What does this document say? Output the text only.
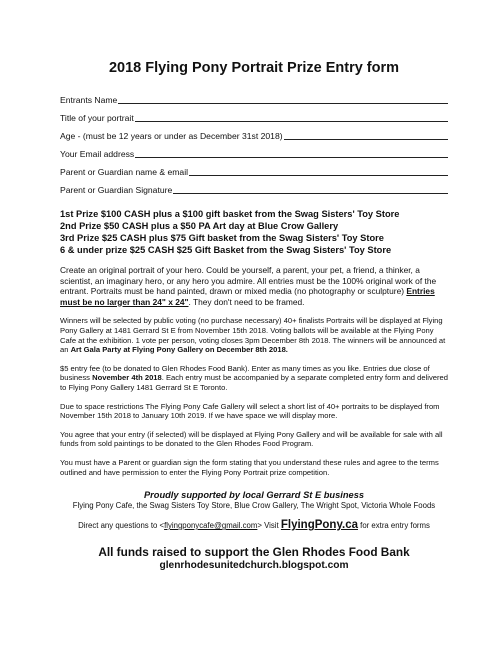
2018 Flying Pony Portrait Prize Entry form
Entrants Name
Title of your portrait
Age - (must be 12 years or under as December 31st 2018)
Your Email address
Parent or Guardian name & email
Parent or Guardian Signature
1st Prize $100 CASH plus a $100 gift basket from the Swag Sisters' Toy Store
2nd Prize $50 CASH plus a $50 PA Art day at Blue Crow Gallery
3rd Prize $25 CASH plus $75 Gift basket from the Swag Sisters' Toy Store
6 & under prize $25 CASH $25 Gift Basket from the Swag Sisters' Toy Store

Create an original portrait of your hero. Could be yourself, a parent, your pet, a friend, a thinker, a scientist, an imaginary hero, or any hero you admire. All entries must be the 100% original work of the entrant. Portraits must be hand painted, drawn or mixed media (no photography or sculpture) Entries must be no larger than 24" x 24". They don't need to be framed.

Winners will be selected by public voting (no purchase necessary) 40+ finalists Portraits will be displayed at Flying Pony Gallery at 1481 Gerrard St E from November 15th 2018. Voting ballots will be available at the Flying Pony Cafe at the exhibition. 1 vote per person, voting closes 3pm December 8th 2018. The winners will be announced at an Art Gala Party at Flying Pony Gallery on December 8th 2018.

$5 entry fee (to be donated to Glen Rhodes Food Bank). Enter as many times as you like. Entries due close of business November 4th 2018. Each entry must be accompanied by a separate completed entry form and delivered to Flying Pony Gallery 1481 Gerrard St E Toronto.

Due to space restrictions The Flying Pony Cafe Gallery will select a short list of 40+ portraits to be displayed from November 15th 2018 to January 10th 2019. If we have space we will display more.

You agree that your entry (if selected) will be displayed at Flying Pony Gallery and will be available for sale with all funds from sold paintings to be donated to the Glen Rhodes Food Program.

You must have a Parent or guardian sign the form stating that you understand these rules and agree to the terms outlined and have permission to enter the Flying Pony Portrait prize competition.

Proudly supported by local Gerrard St E business
Flying Pony Cafe, the Swag Sisters Toy Store, Blue Crow Gallery, The Wright Spot, Victoria Whole Foods
Direct any questions to <flyingponycafe@gmail.com> Visit FlyingPony.ca for extra entry forms
All funds raised to support the Glen Rhodes Food Bank
glenrhodesunitedchurch.blogspot.com
